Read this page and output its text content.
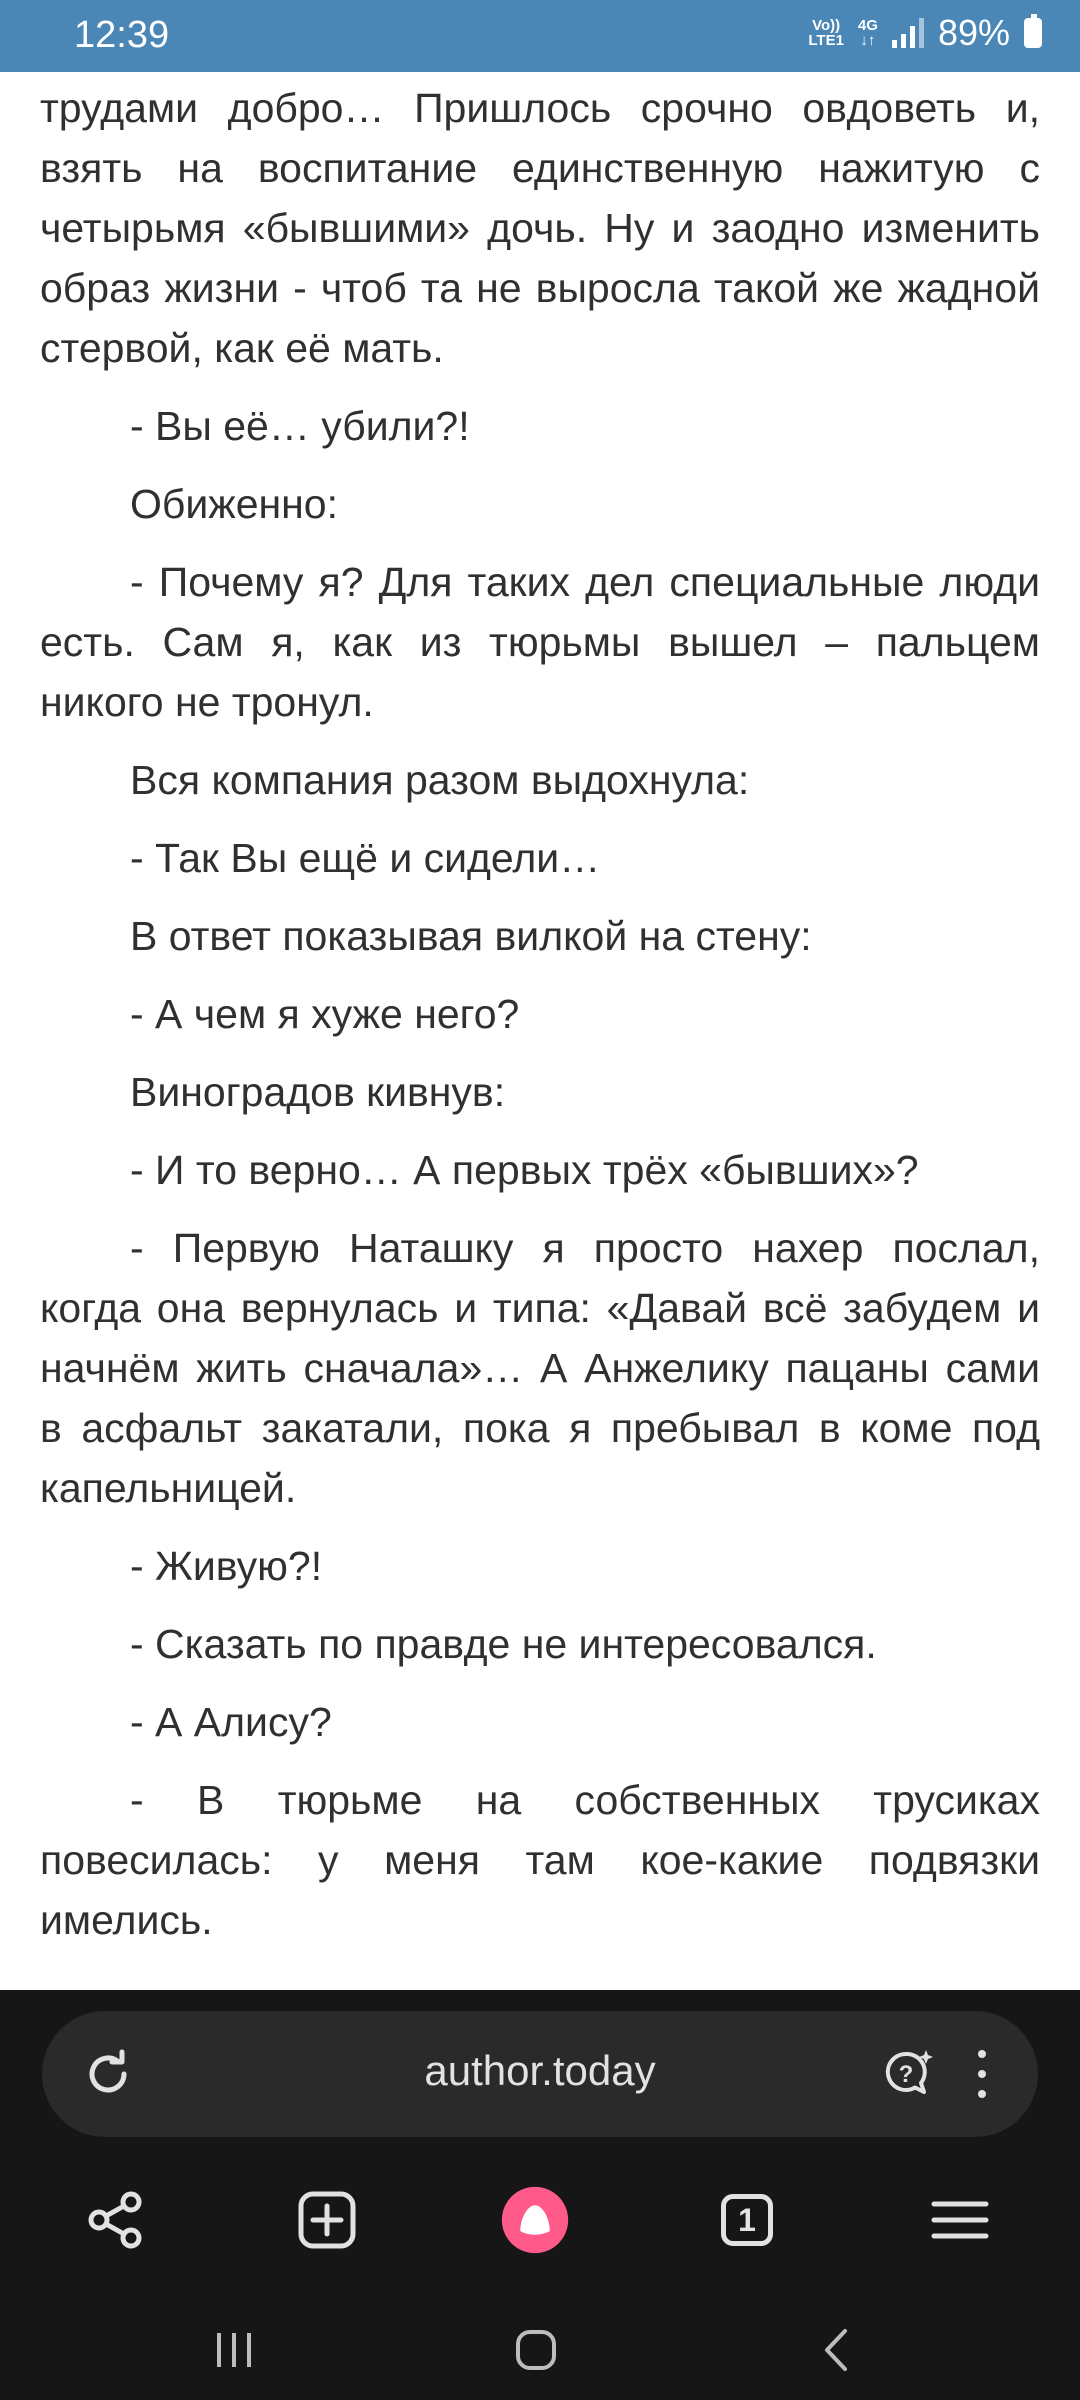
12:39	Vo))
LTE1
4G
↓↑ 89%

трудами добро… Пришлось срочно овдоветь и, взять на воспитание единственную нажитую с четырьмя «бывшими» дочь. Ну и заодно изменить образ жизни - чтоб та не выросла такой же жадной стервой, как её мать.

- Вы её… убили?!

Обиженно:

- Почему я? Для таких дел специальные люди есть. Сам я, как из тюрьмы вышел – пальцем никого не тронул.

Вся компания разом выдохнула:

- Так Вы ещё и сидели…

В ответ показывая вилкой на стену:

- А чем я хуже него?

Виноградов кивнув:

- И то верно… А первых трёх «бывших»?

- Первую Наташку я просто нахер послал, когда она вернулась и типа: «Давай всё забудем и начнём жить сначала»… А Анжелику пацаны сами в асфальт закатали, пока я пребывал в коме под капельницей.

- Живую?!

- Сказать по правде не интересовался.

- А Алису?

- В тюрьме на собственных трусиках повесилась: у меня там кое-какие подвязки имелись.

author.today	?
1
